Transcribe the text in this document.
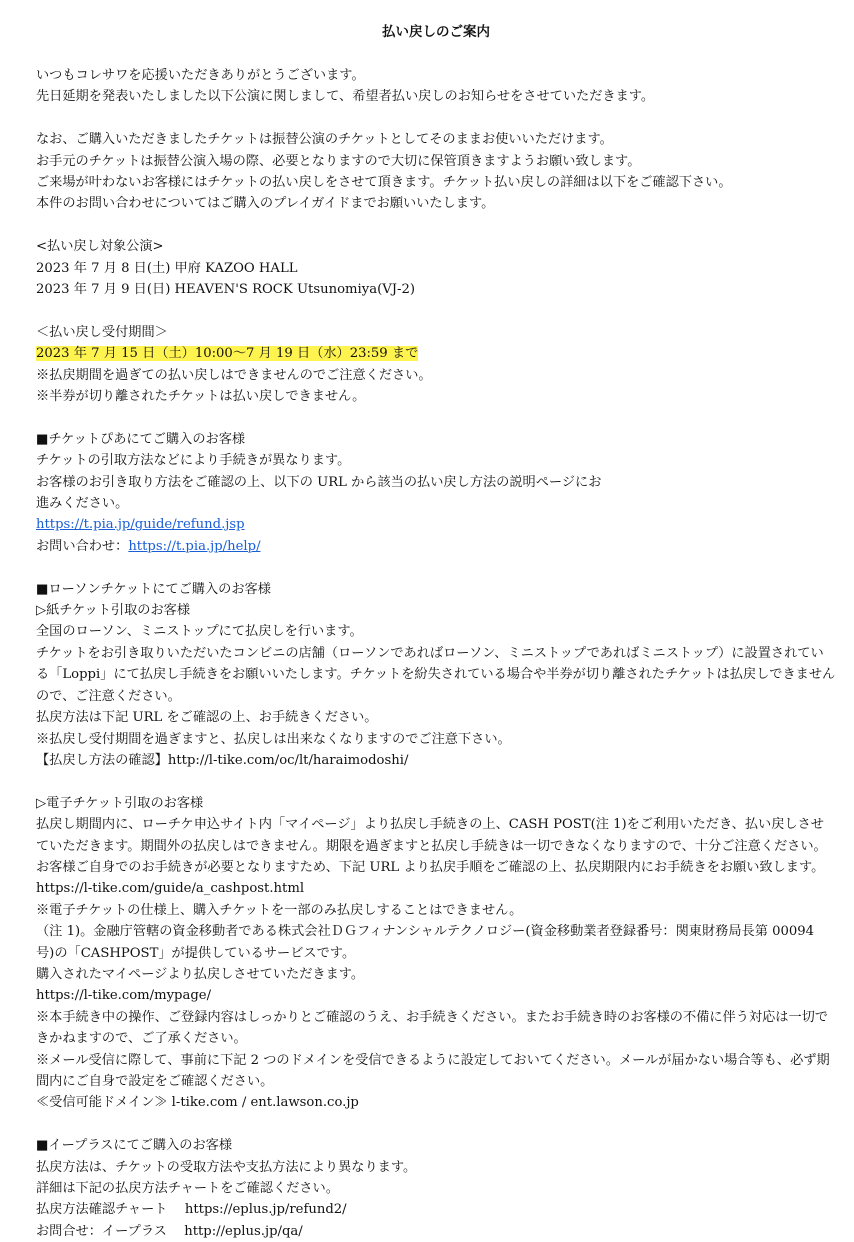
払い戻しのご案内
いつもコレサワを応援いただきありがとうございます。
先日延期を発表いたしました以下公演に関しまして、希望者払い戻しのお知らせをさせていただきます。
なお、ご購入いただきましたチケットは振替公演のチケットとしてそのままお使いいただけます。
お手元のチケットは振替公演入場の際、必要となりますので大切に保管頂きますようお願い致します。
ご来場が叶わないお客様にはチケットの払い戻しをさせて頂きます。チケット払い戻しの詳細は以下をご確認下さい。
本件のお問い合わせについてはご購入のプレイガイドまでお願いいたします。
<払い戻し対象公演>
2023 年 7 月 8 日(土) 甲府 KAZOO HALL
2023 年 7 月 9 日(日) HEAVEN'S ROCK Utsunomiya(VJ-2)
＜払い戻し受付期間＞
2023 年 7 月 15 日（土）10:00〜7 月 19 日（水）23:59 まで
※払戻期間を過ぎての払い戻しはできませんのでご注意ください。
※半券が切り離されたチケットは払い戻しできません。
■チケットぴあにてご購入のお客様
チケットの引取方法などにより手続きが異なります。
お客様のお引き取り方法をご確認の上、以下の URL から該当の払い戻し方法の説明ページにお
進みください。
https://t.pia.jp/guide/refund.jsp
お問い合わせ：https://t.pia.jp/help/
■ローソンチケットにてご購入のお客様
▷紙チケット引取のお客様
全国のローソン、ミニストップにて払戻しを行います。
チケットをお引き取りいただいたコンビニの店舗（ローソンであればローソン、ミニストップであればミニストップ）に設置されている「Loppi」にて払戻し手続きをお願いいたします。チケットを紛失されている場合や半券が切り離されたチケットは払戻しできませんので、ご注意ください。
払戻方法は下記 URL をご確認の上、お手続きください。
※払戻し受付期間を過ぎますと、払戻しは出来なくなりますのでご注意下さい。
【払戻し方法の確認】http://l-tike.com/oc/lt/haraimodoshi/
▷電子チケット引取のお客様
払戻し期間内に、ローチケ申込サイト内「マイページ」より払戻し手続きの上、CASH POST(注 1)をご利用いただき、払い戻しさせていただきます。期間外の払戻しはできません。期限を過ぎますと払戻し手続きは一切できなくなりますので、十分ご注意ください。
お客様ご自身でのお手続きが必要となりますため、下記 URL より払戻手順をご確認の上、払戻期限内にお手続きをお願い致します。
https://l-tike.com/guide/a_cashpost.html
※電子チケットの仕様上、購入チケットを一部のみ払戻しすることはできません。
（注 1)。金融庁管轄の資金移動者である株式会社ＤＧフィナンシャルテクノロジー(資金移動業者登録番号：関東財務局長第 00094 号)の「CASHPOST」が提供しているサービスです。
購入されたマイページより払戻しさせていただきます。
https://l-tike.com/mypage/
※本手続き中の操作、ご登録内容はしっかりとご確認のうえ、お手続きください。またお手続き時のお客様の不備に伴う対応は一切できかねますので、ご了承ください。
※メール受信に際して、事前に下記 2 つのドメインを受信できるように設定しておいてください。メールが届かない場合等も、必ず期間内にご自身で設定をご確認ください。
≪受信可能ドメイン≫ l-tike.com / ent.lawson.co.jp
■イープラスにてご購入のお客様
払戻方法は、チケットの受取方法や支払方法により異なります。
詳細は下記の払戻方法チャートをご確認ください。
払戻方法確認チャート　 https://eplus.jp/refund2/
お問合せ：イープラス　 http://eplus.jp/qa/
